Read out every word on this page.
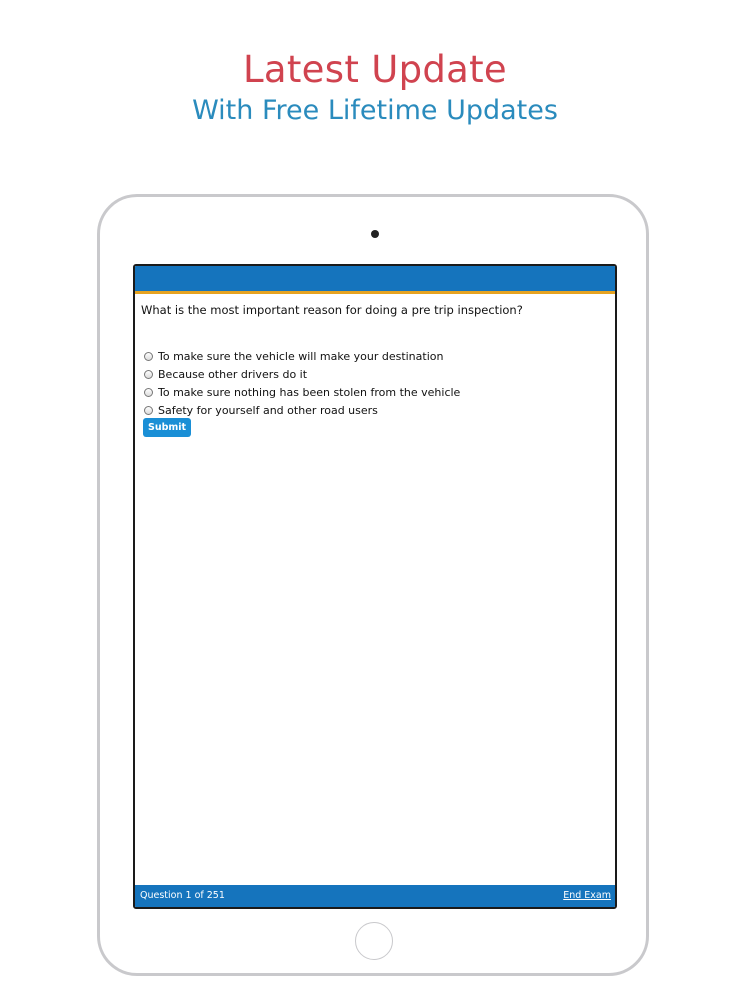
Latest Update
With Free Lifetime Updates
What is the most important reason for doing a pre trip inspection?
To make sure the vehicle will make your destination
Because other drivers do it
To make sure nothing has been stolen from the vehicle
Safety for yourself and other road users
Submit
Question 1 of 251	End Exam
